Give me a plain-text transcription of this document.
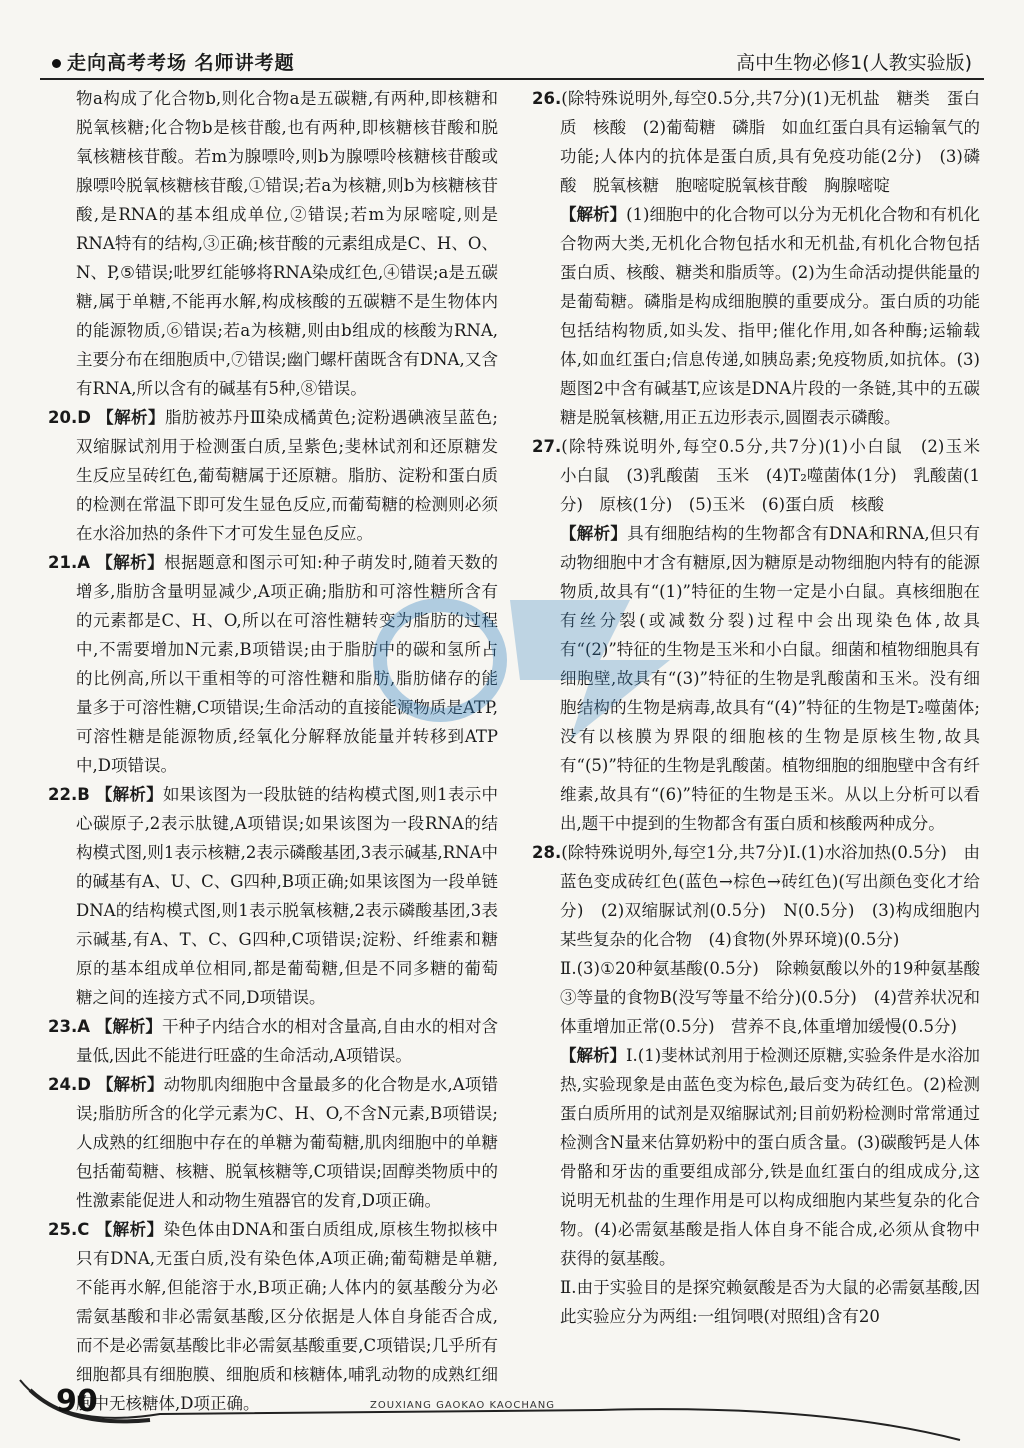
走向高考考场 名师讲考题	高中生物必修1(人教实验版)
物a构成了化合物b,则化合物a是五碳糖,有两种,即核糖和脱氧核糖;化合物b是核苷酸,也有两种,即核糖核苷酸和脱氧核糖核苷酸。若m为腺嘌呤,则b为腺嘌呤核糖核苷酸或腺嘌呤脱氧核糖核苷酸,①错误;若a为核糖,则b为核糖核苷酸,是RNA的基本组成单位,②错误;若m为尿嘧啶,则是RNA特有的结构,③正确;核苷酸的元素组成是C、H、O、N、P,⑤错误;吡罗红能够将RNA染成红色,④错误;a是五碳糖,属于单糖,不能再水解,构成核酸的五碳糖不是生物体内的能源物质,⑥错误;若a为核糖,则由b组成的核酸为RNA,主要分布在细胞质中,⑦错误;幽门螺杆菌既含有DNA,又含有RNA,所以含有的碱基有5种,⑧错误。
20.D 【解析】脂肪被苏丹Ⅲ染成橘黄色;淀粉遇碘液呈蓝色;双缩脲试剂用于检测蛋白质,呈紫色;斐林试剂和还原糖发生反应呈砖红色,葡萄糖属于还原糖。脂肪、淀粉和蛋白质的检测在常温下即可发生显色反应,而葡萄糖的检测则必须在水浴加热的条件下才可发生显色反应。
21.A 【解析】根据题意和图示可知:种子萌发时,随着天数的增多,脂肪含量明显减少,A项正确;脂肪和可溶性糖所含有的元素都是C、H、O,所以在可溶性糖转变为脂肪的过程中,不需要增加N元素,B项错误;由于脂肪中的碳和氢所占的比例高,所以干重相等的可溶性糖和脂肪,脂肪储存的能量多于可溶性糖,C项错误;生命活动的直接能源物质是ATP,可溶性糖是能源物质,经氧化分解释放能量并转移到ATP中,D项错误。
22.B 【解析】如果该图为一段肽链的结构模式图,则1表示中心碳原子,2表示肽键,A项错误;如果该图为一段RNA的结构模式图,则1表示核糖,2表示磷酸基团,3表示碱基,RNA中的碱基有A、U、C、G四种,B项正确;如果该图为一段单链DNA的结构模式图,则1表示脱氧核糖,2表示磷酸基团,3表示碱基,有A、T、C、G四种,C项错误;淀粉、纤维素和糖原的基本组成单位相同,都是葡萄糖,但是不同多糖的葡萄糖之间的连接方式不同,D项错误。
23.A 【解析】干种子内结合水的相对含量高,自由水的相对含量低,因此不能进行旺盛的生命活动,A项错误。
24.D 【解析】动物肌肉细胞中含量最多的化合物是水,A项错误;脂肪所含的化学元素为C、H、O,不含N元素,B项错误;人成熟的红细胞中存在的单糖为葡萄糖,肌肉细胞中的单糖包括葡萄糖、核糖、脱氧核糖等,C项错误;固醇类物质中的性激素能促进人和动物生殖器官的发育,D项正确。
25.C 【解析】染色体由DNA和蛋白质组成,原核生物拟核中只有DNA,无蛋白质,没有染色体,A项正确;葡萄糖是单糖,不能再水解,但能溶于水,B项正确;人体内的氨基酸分为必需氨基酸和非必需氨基酸,区分依据是人体自身能否合成,而不是必需氨基酸比非必需氨基酸重要,C项错误;几乎所有细胞都具有细胞膜、细胞质和核糖体,哺乳动物的成熟红细胞中无核糖体,D项正确。
26.(除特殊说明外,每空0.5分,共7分)(1)无机盐　糖类　蛋白质　核酸　(2)葡萄糖　磷脂　如血红蛋白具有运输氧气的功能;人体内的抗体是蛋白质,具有免疫功能(2分)　(3)磷酸　脱氧核糖　胞嘧啶脱氧核苷酸　胸腺嘧啶
【解析】(1)细胞中的化合物可以分为无机化合物和有机化合物两大类,无机化合物包括水和无机盐,有机化合物包括蛋白质、核酸、糖类和脂质等。(2)为生命活动提供能量的是葡萄糖。磷脂是构成细胞膜的重要成分。蛋白质的功能包括结构物质,如头发、指甲;催化作用,如各种酶;运输载体,如血红蛋白;信息传递,如胰岛素;免疫物质,如抗体。(3)题图2中含有碱基T,应该是DNA片段的一条链,其中的五碳糖是脱氧核糖,用正五边形表示,圆圈表示磷酸。
27.(除特殊说明外,每空0.5分,共7分)(1)小白鼠　(2)玉米　小白鼠　(3)乳酸菌　玉米　(4)T₂噬菌体(1分)　乳酸菌(1分)　原核(1分)　(5)玉米　(6)蛋白质　核酸
【解析】具有细胞结构的生物都含有DNA和RNA,但只有动物细胞中才含有糖原,因为糖原是动物细胞内特有的能源物质,故具有“(1)”特征的生物一定是小白鼠。真核细胞在有丝分裂(或减数分裂)过程中会出现染色体,故具有“(2)”特征的生物是玉米和小白鼠。细菌和植物细胞具有细胞壁,故具有“(3)”特征的生物是乳酸菌和玉米。没有细胞结构的生物是病毒,故具有“(4)”特征的生物是T₂噬菌体;没有以核膜为界限的细胞核的生物是原核生物,故具有“(5)”特征的生物是乳酸菌。植物细胞的细胞壁中含有纤维素,故具有“(6)”特征的生物是玉米。从以上分析可以看出,题干中提到的生物都含有蛋白质和核酸两种成分。
28.(除特殊说明外,每空1分,共7分)Ⅰ.(1)水浴加热(0.5分)　由蓝色变成砖红色(蓝色→棕色→砖红色)(写出颜色变化才给分)　(2)双缩脲试剂(0.5分)　N(0.5分)　(3)构成细胞内某些复杂的化合物　(4)食物(外界环境)(0.5分)
Ⅱ.(3)①20种氨基酸(0.5分)　除赖氨酸以外的19种氨基酸　③等量的食物B(没写等量不给分)(0.5分)　(4)营养状况和体重增加正常(0.5分)　营养不良,体重增加缓慢(0.5分)
【解析】Ⅰ.(1)斐林试剂用于检测还原糖,实验条件是水浴加热,实验现象是由蓝色变为棕色,最后变为砖红色。(2)检测蛋白质所用的试剂是双缩脲试剂;目前奶粉检测时常常通过检测含N量来估算奶粉中的蛋白质含量。(3)碳酸钙是人体骨骼和牙齿的重要组成部分,铁是血红蛋白的组成成分,这说明无机盐的生理作用是可以构成细胞内某些复杂的化合物。(4)必需氨基酸是指人体自身不能合成,必须从食物中获得的氨基酸。
Ⅱ.由于实验目的是探究赖氨酸是否为大鼠的必需氨基酸,因此实验应分为两组:一组饲喂(对照组)含有20
90	ZOUXIANG GAOKAO KAOCHANG
